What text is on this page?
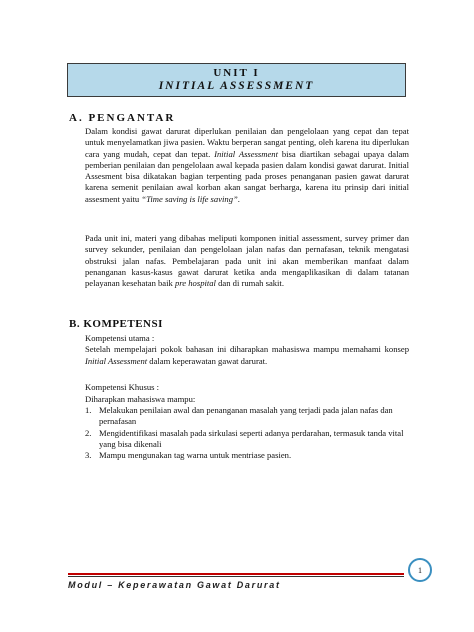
UNIT I
INITIAL ASSESSMENT
A. PENGANTAR

Dalam kondisi gawat darurat diperlukan penilaian dan pengelolaan yang cepat dan tepat untuk menyelamatkan jiwa pasien. Waktu berperan sangat penting, oleh karena itu diperlukan cara yang mudah, cepat dan tepat. Initial Assessment bisa diartikan sebagai upaya dalam pemberian penilaian dan pengelolaan awal kepada pasien dalam kondisi gawat darurat. Initial Assesment bisa dikatakan bagian terpenting pada proses penanganan pasien gawat darurat karena semenit penilaian awal korban akan sangat berharga, karena itu prinsip dari initial assesment yaitu “Time saving is life saving”.

Pada unit ini, materi yang dibahas meliputi komponen initial assessment, survey primer dan survey sekunder, penilaian dan pengelolaan jalan nafas dan pernafasan, teknik mengatasi obstruksi jalan nafas. Pembelajaran pada unit ini akan memberikan manfaat dalam penanganan kasus-kasus gawat darurat ketika anda mengaplikasikan di dalam tatanan pelayanan kesehatan baik pre hospital dan di rumah sakit.

B. KOMPETENSI

Kompetensi utama :

Setelah mempelajari pokok bahasan ini diharapkan mahasiswa mampu memahami konsep Initial Assessment dalam keperawatan gawat darurat.

Kompetensi Khusus :
Diharapkan mahasiswa mampu:
1. Melakukan penilaian awal dan penanganan masalah yang terjadi pada jalan nafas dan pernafasan
2. Mengidentifikasi masalah pada sirkulasi seperti adanya perdarahan, termasuk tanda vital yang bisa dikenali
3. Mampu mengunakan tag warna untuk mentriase pasien.
Modul – Keperawatan Gawat Darurat
1
